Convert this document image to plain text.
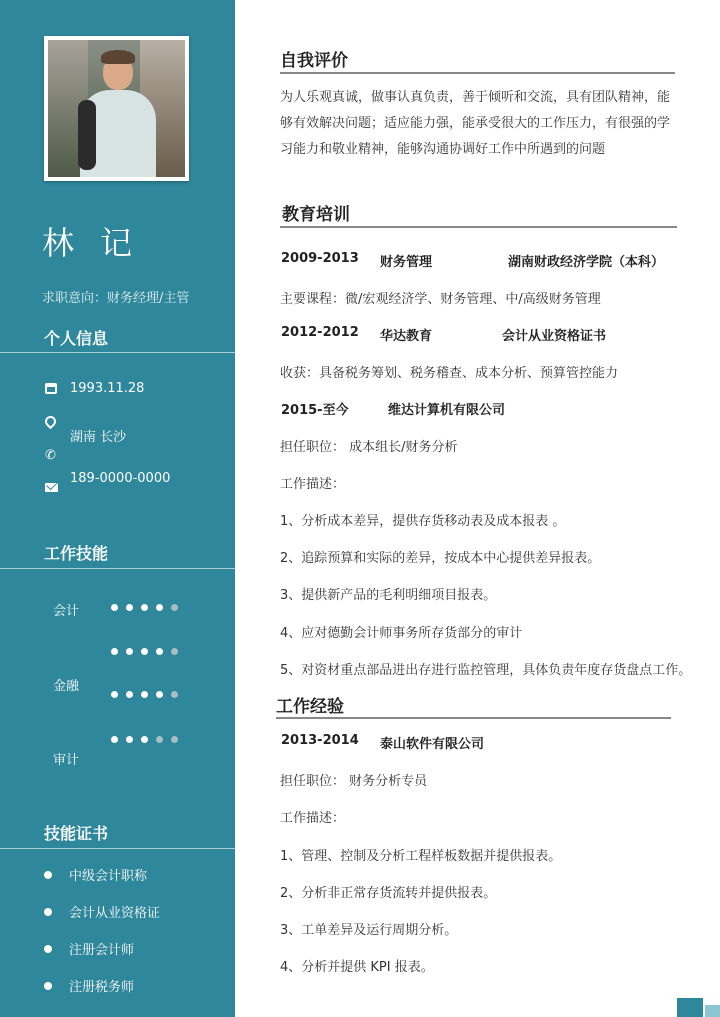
林 记
求职意向：财务经理/主管
个人信息
1993.11.28
湖南 长沙
✆
189-0000-0000
工作技能
会计
金融
审计
技能证书
中级会计职称
会计从业资格证
注册会计师
注册税务师
自我评价
为人乐观真诚，做事认真负责，善于倾听和交流，具有团队精神，能够有效解决问题；适应能力强，能承受很大的工作压力，有很强的学习能力和敬业精神，能够沟通协调好工作中所遇到的问题
教育培训
2009-2013 财务管理	湖南财政经济学院（本科）
主要课程：微/宏观经济学、财务管理、中/高级财务管理
2012-2012 华达教育	会计从业资格证书
收获：具备税务筹划、税务稽查、成本分析、预算管控能力
2015-至今	维达计算机有限公司
担任职位： 成本组长/财务分析
工作描述：
1、分析成本差异，提供存货移动表及成本报表 。
2、追踪预算和实际的差异，按成本中心提供差异报表。
3、提供新产品的毛利明细项目报表。
4、应对德勤会计师事务所存货部分的审计
5、对资材重点部品进出存进行监控管理，具体负责年度存货盘点工作。
工作经验
2013-2014 泰山软件有限公司
担任职位： 财务分析专员
工作描述：
1、管理、控制及分析工程样板数据并提供报表。
2、分析非正常存货流转并提供报表。
3、工单差异及运行周期分析。
4、分析并提供 KPI 报表。
